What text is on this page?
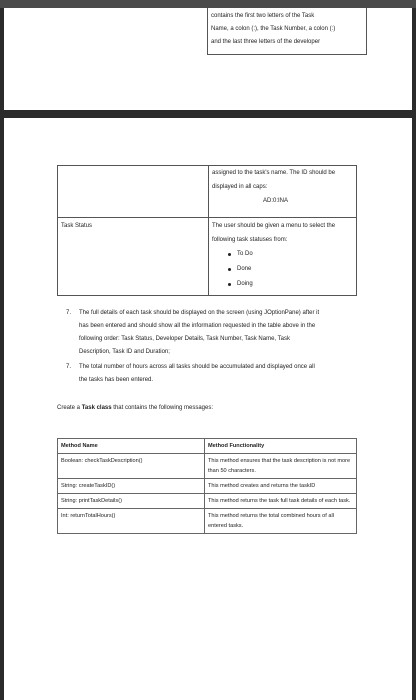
contains the first two letters of the Task
Name, a colon (:), the Task Number, a colon (:)
and the last three letters of the developer
assigned to the task's name. The ID should be
displayed in all caps:
AD:0:INA
Task Status	The user should be given a menu to select the
following task statuses from:
To Do
Done
Doing
7. The full details of each task should be displayed on the screen (using JOptionPane) after it
has been entered and should show all the information requested in the table above in the
following order: Task Status, Developer Details, Task Number, Task Name, Task
Description, Task ID and Duration;
7. The total number of hours across all tasks should be accumulated and displayed once all
the tasks has been entered.
Create a Task class that contains the following messages:
Method Name	Method Functionality
Boolean: checkTaskDescription()	This method ensures that the task description is not more than 50 characters.
String: createTaskID()	This method creates and returns the taskID
String: printTaskDetails()	This method returns the task full task details of each task.
Int: returnTotalHours()	This method returns the total combined hours of all entered tasks.
